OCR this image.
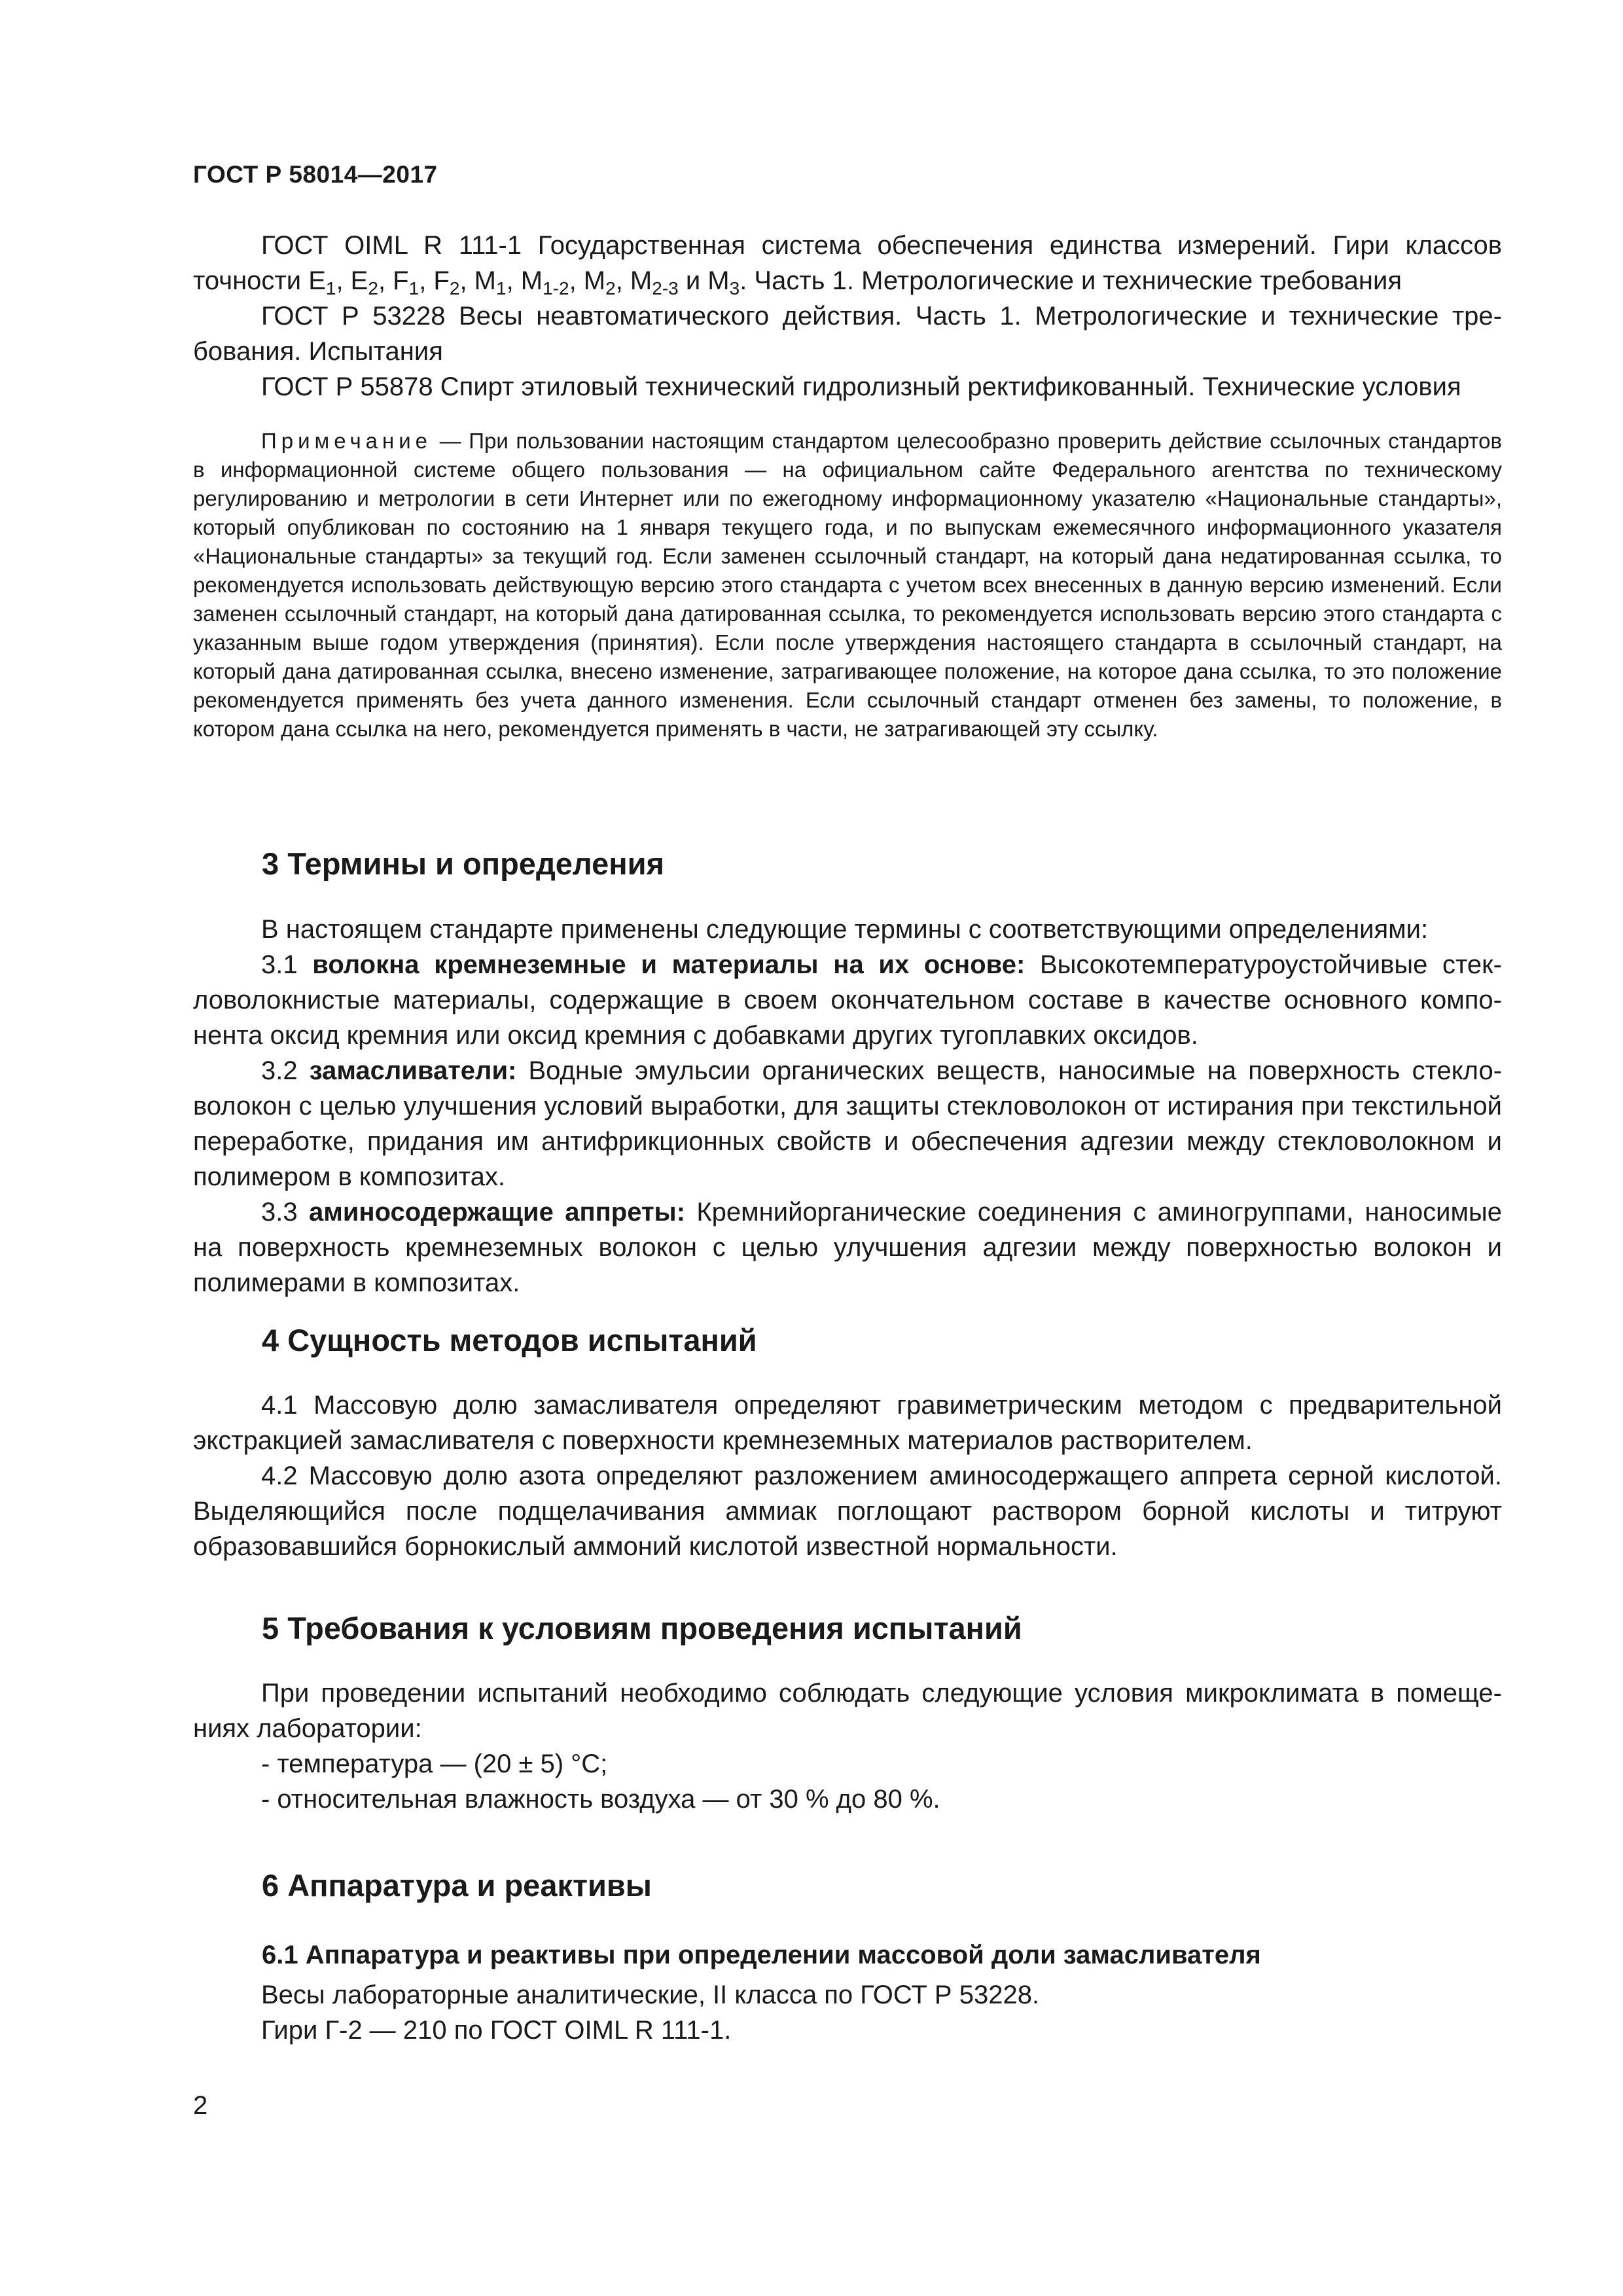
ГОСТ Р 58014—2017

ГОСТ OIML R 111-1 Государственная система обеспечения единства измерений. Гири классов точности $E_1$, $E_2$, $F_1$, $F_2$, $M_1$, $M_{1-2}$, $M_2$, $M_{2-3}$ и $M_3$. Часть 1. Метрологические и технические требования

ГОСТ Р 53228 Весы неавтоматического действия. Часть 1. Метрологические и технические требования. Испытания

ГОСТ Р 55878 Спирт этиловый технический гидролизный ректификованный. Технические условия

Примечание — При пользовании настоящим стандартом целесообразно проверить действие ссылочных стандартов в информационной системе общего пользования — на официальном сайте Федерального агентства по техническому регулированию и метрологии в сети Интернет или по ежегодному информационному указателю «Национальные стандарты», который опубликован по состоянию на 1 января текущего года, и по выпускам ежемесячного информационного указателя «Национальные стандарты» за текущий год. Если заменен ссылочный стандарт, на который дана недатированная ссылка, то рекомендуется использовать действующую версию этого стандарта с учетом всех внесенных в данную версию изменений. Если заменен ссылочный стандарт, на который дана датированная ссылка, то рекомендуется использовать версию этого стандарта с указанным выше годом утверждения (принятия). Если после утверждения настоящего стандарта в ссылочный стандарт, на который дана датированная ссылка, внесено изменение, затрагивающее положение, на которое дана ссылка, то это положение рекомендуется применять без учета данного изменения. Если ссылочный стандарт отменен без замены, то положение, в котором дана ссылка на него, рекомендуется применять в части, не затрагивающей эту ссылку.

3 Термины и определения

В настоящем стандарте применены следующие термины с соответствующими определениями:

3.1 волокна кремнеземные и материалы на их основе: Высокотемпературоустойчивые стекловолокнистые материалы, содержащие в своем окончательном составе в качестве основного компонента оксид кремния или оксид кремния с добавками других тугоплавких оксидов.

3.2 замасливатели: Водные эмульсии органических веществ, наносимые на поверхность стекловолокон с целью улучшения условий выработки, для защиты стекловолокон от истирания при текстильной переработке, придания им антифрикционных свойств и обеспечения адгезии между стекловолокном и полимером в композитах.

3.3 аминосодержащие аппреты: Кремнийорганические соединения с аминогруппами, наносимые на поверхность кремнеземных волокон с целью улучшения адгезии между поверхностью волокон и полимерами в композитах.

4 Сущность методов испытаний

4.1 Массовую долю замасливателя определяют гравиметрическим методом с предварительной экстракцией замасливателя с поверхности кремнеземных материалов растворителем.

4.2 Массовую долю азота определяют разложением аминосодержащего аппрета серной кислотой. Выделяющийся после подщелачивания аммиак поглощают раствором борной кислоты и титруют образовавшийся борнокислый аммоний кислотой известной нормальности.

5 Требования к условиям проведения испытаний

При проведении испытаний необходимо соблюдать следующие условия микроклимата в помещениях лаборатории:

- температура — (20 ± 5) °С;

- относительная влажность воздуха — от 30 % до 80 %.

6 Аппаратура и реактивы
6.1 Аппаратура и реактивы при определении массовой доли замасливателя

Весы лабораторные аналитические, II класса по ГОСТ Р 53228.

Гири Г-2 — 210 по ГОСТ OIML R 111-1.

2
